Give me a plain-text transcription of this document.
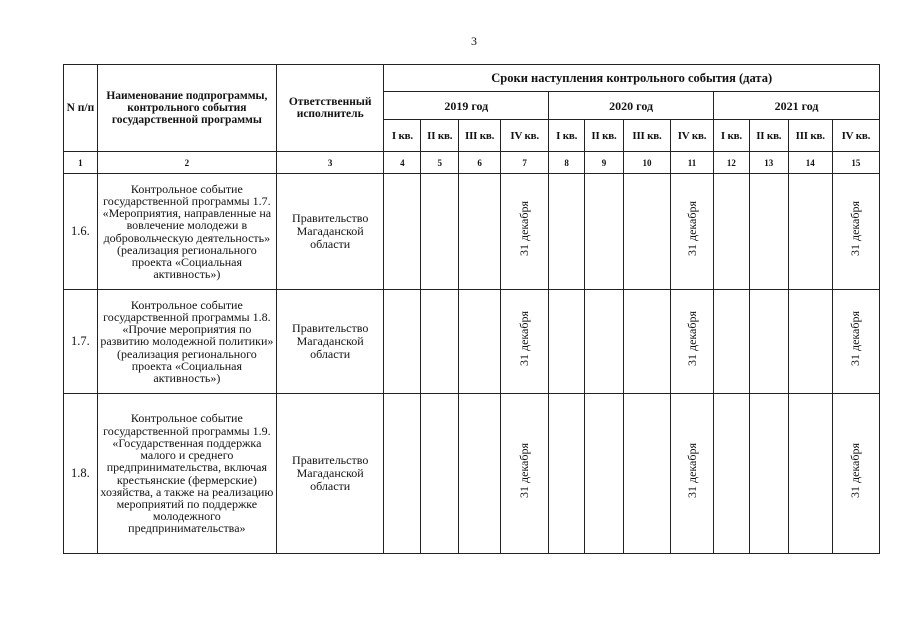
3
N п/п	Наименование подпрограммы, контрольного события государственной программы	Ответственный исполнитель	Сроки наступления контрольного события (дата)											
			2019 год				2020 год				2021 год			
			I кв.	II кв.	III кв.	IV кв.	I кв.	II кв.	III кв.	IV кв.	I кв.	II кв.	III кв.	IV кв.
1	2	3	4	5	6	7	8	9	10	11	12	13	14	15
1.6.	Контрольное событие государственной программы 1.7. «Мероприятия, направленные на вовлечение молодежи в добровольческую деятельность» (реализация регионального проекта «Социальная активность»)	Правительство Магаданской области				31 декабря				31 декабря				31 декабря
1.7.	Контрольное событие государственной программы 1.8. «Прочие мероприятия по развитию молодежной политики» (реализация регионального проекта «Социальная активность»)	Правительство Магаданской области				31 декабря				31 декабря				31 декабря
1.8.	Контрольное событие государственной программы 1.9. «Государственная поддержка малого и среднего предпринимательства, включая крестьянские (фермерские) хозяйства, а также на реализацию мероприятий по поддержке молодежного предпринимательства»	Правительство Магаданской области				31 декабря				31 декабря				31 декабря
